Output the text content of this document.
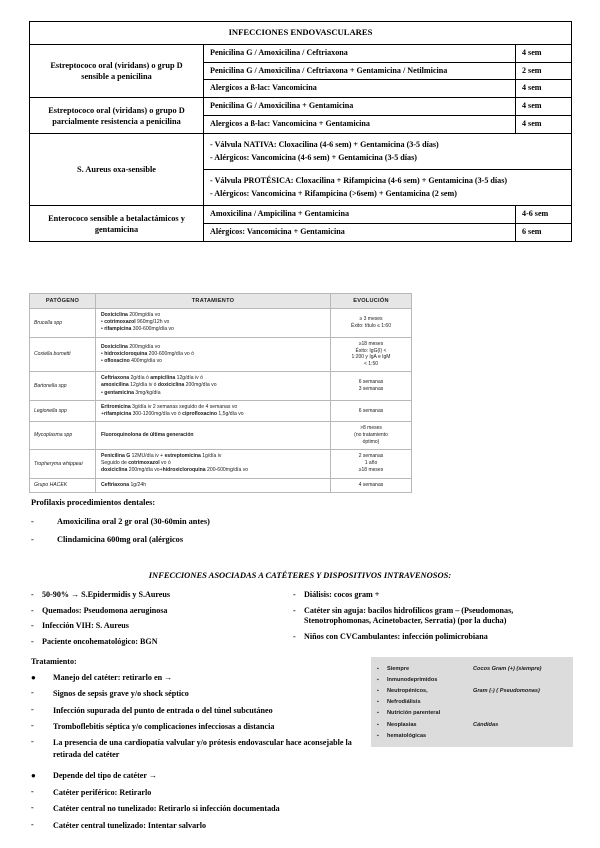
INFECCIONES ENDOVASCULARES		
Estreptococo oral (viridans) o grup D sensible a penicilina	Penicilina G / Amoxicilina / Ceftriaxona	4 sem
	Penicilina G / Amoxicilina / Ceftriaxona + Gentamicina / Netilmicina	2 sem
	Alergicos a ß-lac: Vancomicina	4 sem
Estreptococo oral (viridans) o grupo D parcialmente resistencia a penicilina	Penicilina G / Amoxicilina + Gentamicina	4 sem
	Alergicos a ß-lac: Vancomicina + Gentamicina	4 sem
S. Aureus oxa-sensible	- Válvula NATIVA: Cloxacilina (4-6 sem) + Gentamicina (3-5 días)
- Alérgicos: Vancomicina (4-6 sem) + Gentamicina (3-5 días)	

	- Válvula PROTÉSICA: Cloxacilina + Rifampicina (4-6 sem) + Gentamicina (3-5 días)
- Alérgicos: Vancomicina + Rifampicina (>6sem) + Gentamicina (2 sem)	

Enterococo sensible a betalactámicos y gentamicina	Amoxicilina / Ampicilina + Gentamicina	4-6 sem
	Alérgicos: Vancomicina + Gentamicina	6 sem
PATÓGENO	TRATAMIENTO	EVOLUCIÓN
Brucella spp	Doxiciclina 200mg/día vo
• cotrimoxazol 960mg/12h vo
• rifampicina 300-600mg/día vo	≥ 3 meses
Éxito: título ≤ 1:60

Coxiella burnetti	Doxiciclina 200mg/día vo
• hidroxicloroquina 200-600mg/día vo ó
• ofloxacino 400mg/día vo	≥18 meses
Éxito: IgG(I) <
1:200 y IgA e IgM
< 1:50

Bartonella spp	Ceftriaxona 2g/día ó ampicilina 12g/día iv ó
amoxicilina 12g/día iv ó doxiciclina 200mg/día vo
• gentamicina 3mg/kg/día	6 semanas
3 semanas

Legionella spp	Eritromicina 3g/día iv 2 semanas seguido de 4 semanas vo
+rifampicina 300-1200mg/día vo ó ciprofloxacino 1,5g/día vo	6 semanas

Mycoplasma spp	Fluoroquinolona de última generación	>8 meses
(no tratamiento
óptimo)

Tropheryma whippeai	Penicilina G 12MU/día iv + estreptomicina 1g/día iv
Seguido de cotrimoxazol vo ó
doxiciclina 200mg/día vo+hidroxicloroquina 200-600mg/día vo	2 semanas
1 año
≥18 meses

Grupo HACEK	Ceftriaxona 1g/24h	4 semanas
Profilaxis procedimientos dentales:
-	Amoxicilina oral 2 gr oral (30-60min antes)
-	Clindamicina 600mg oral (alérgicos
INFECCIONES ASOCIADAS A CATÉTERES Y DISPOSITIVOS INTRAVENOSOS:
-	50-90% → S.Epidermidis y S.Aureus
-	Quemados: Pseudomona aeruginosa
-	Infección VIH: S. Aureus
-	Paciente oncohematológico: BGN
-	Diálisis: cocos gram +
-	Catéter sin aguja: bacilos hidrofílicos gram – (Pseudomonas, Stenotrophomonas, Acinetobacter, Serratia) (por la ducha)
-	Niños con CVCambulantes: infección polimicrobiana
Tratamiento:
●	Manejo del catéter: retirarlo en →
-	Signos de sepsis grave y/o shock séptico
-	Infección supurada del punto de entrada o del túnel subcutáneo
-	Tromboflebitis séptica y/o complicaciones infecciosas a distancia
-	La presencia de una cardiopatía valvular y/o prótesis endovascular hace aconsejable la retirada del catéter
●	Depende del tipo de catéter →
-	Catéter periférico: Retirarlo
-	Catéter central no tunelizado: Retirarlo si infección documentada
-	Catéter central tunelizado: Intentar salvarlo
▪	Siempre	Cocos Gram (+) (siempre)
▪	Inmunodeprimidos
▪	Neutropénicos,	Gram (-) ( Pseudomonas)
▪	Nefrodiálisis
▪	Nutrición parenteral
▪	Neoplasias	Cándidas
▪	hematológicas
